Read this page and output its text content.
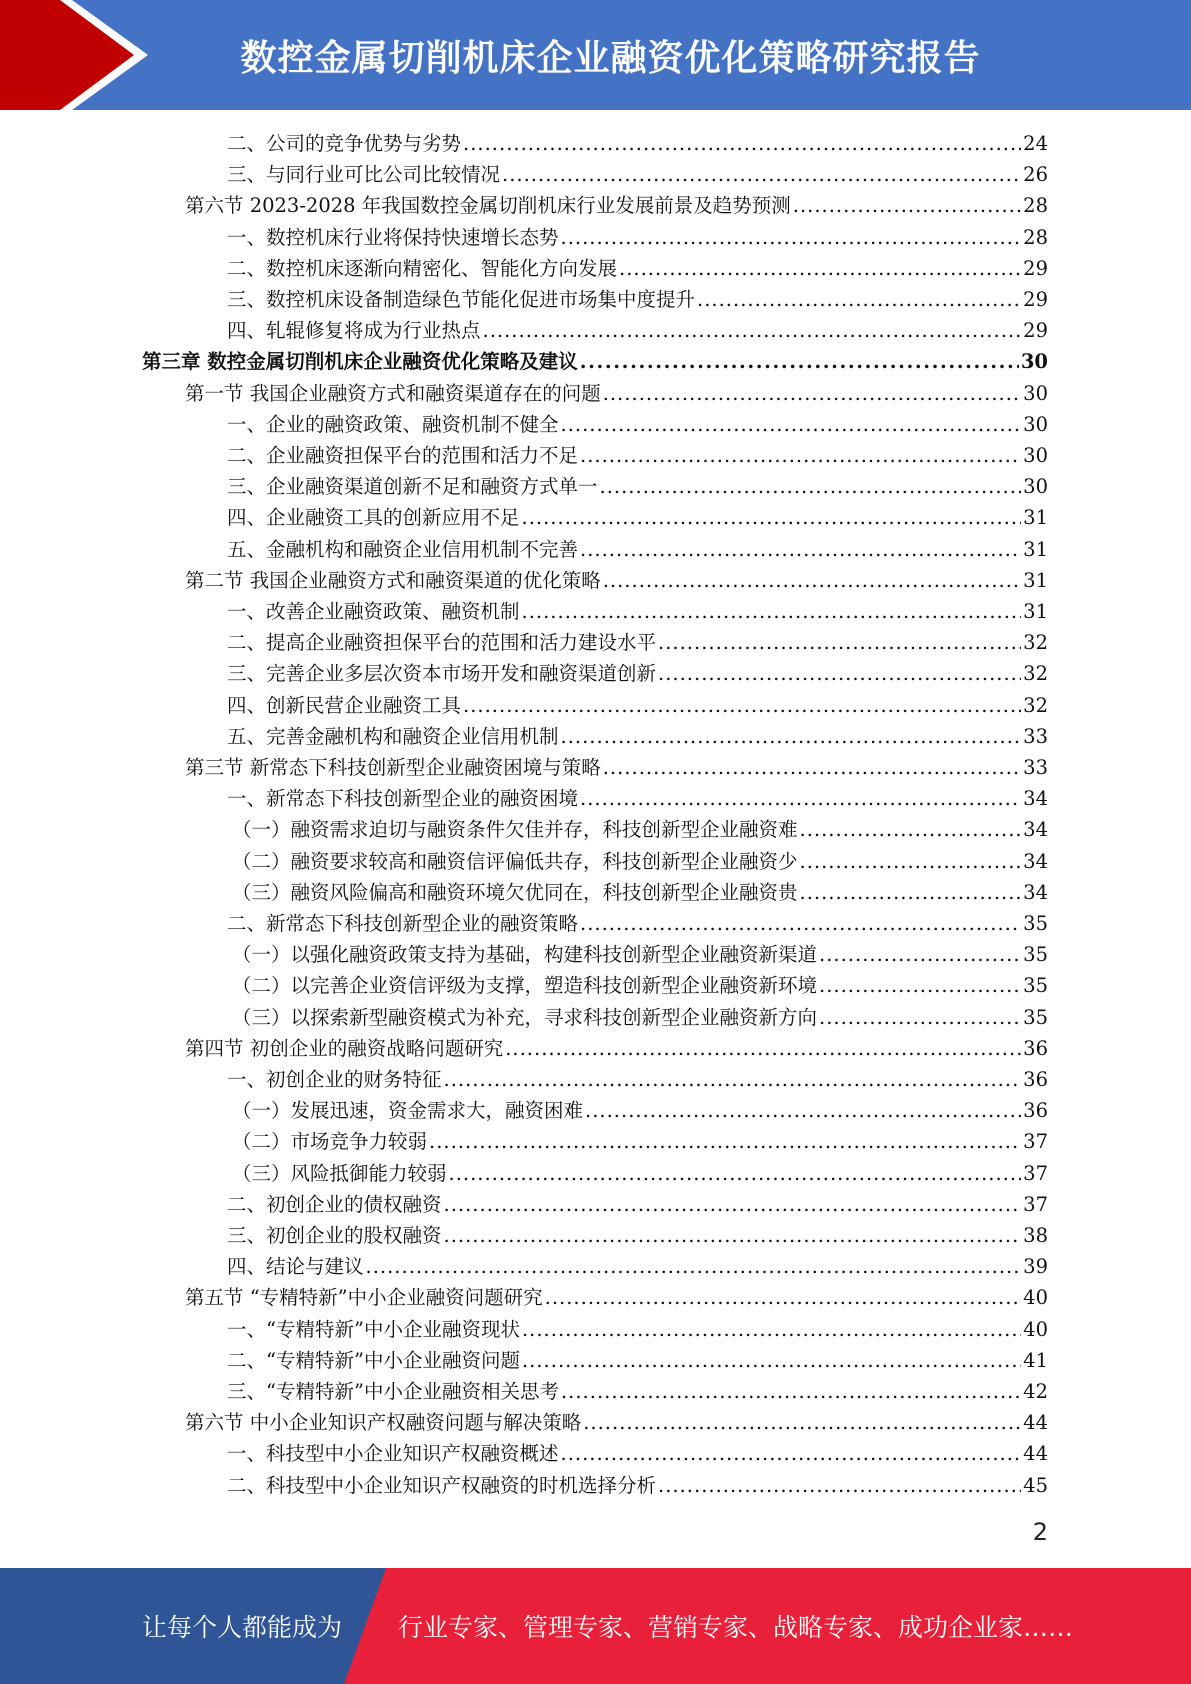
数控金属切削机床企业融资优化策略研究报告
二、公司的竞争优势与劣势 . . .	24
三、与同行业可比公司比较情况 . . .	26
第六节 2023-2028 年我国数控金属切削机床行业发展前景及趋势预测 . . .	28
一、数控机床行业将保持快速增长态势 . . .	28
二、数控机床逐渐向精密化、智能化方向发展 . . .	29
三、数控机床设备制造绿色节能化促进市场集中度提升 . . .	29
四、轧辊修复将成为行业热点 . . .	29
第三章 数控金属切削机床企业融资优化策略及建议 . . .	30
第一节 我国企业融资方式和融资渠道存在的问题 . . .	30
一、企业的融资政策、融资机制不健全 . . .	30
二、企业融资担保平台的范围和活力不足 . . .	30
三、企业融资渠道创新不足和融资方式单一 . . .	30
四、企业融资工具的创新应用不足 . . .	31
五、金融机构和融资企业信用机制不完善 . . .	31
第二节 我国企业融资方式和融资渠道的优化策略 . . .	31
一、改善企业融资政策、融资机制 . . .	31
二、提高企业融资担保平台的范围和活力建设水平 . . .	32
三、完善企业多层次资本市场开发和融资渠道创新 . . .	32
四、创新民营企业融资工具 . . .	32
五、完善金融机构和融资企业信用机制 . . .	33
第三节 新常态下科技创新型企业融资困境与策略 . . .	33
一、新常态下科技创新型企业的融资困境 . . .	34
（一）融资需求迫切与融资条件欠佳并存，科技创新型企业融资难 . . .	34
（二）融资要求较高和融资信评偏低共存，科技创新型企业融资少 . . .	34
（三）融资风险偏高和融资环境欠优同在，科技创新型企业融资贵 . . .	34
二、新常态下科技创新型企业的融资策略 . . .	35
（一）以强化融资政策支持为基础，构建科技创新型企业融资新渠道 . . .	35
（二）以完善企业资信评级为支撑，塑造科技创新型企业融资新环境 . . .	35
（三）以探索新型融资模式为补充，寻求科技创新型企业融资新方向 . . .	35
第四节 初创企业的融资战略问题研究 . . .	36
一、初创企业的财务特征 . . .	36
（一）发展迅速，资金需求大，融资困难 . . .	36
（二）市场竞争力较弱 . . .	37
（三）风险抵御能力较弱 . . .	37
二、初创企业的债权融资 . . .	37
三、初创企业的股权融资 . . .	38
四、结论与建议 . . .	39
第五节 “专精特新”中小企业融资问题研究 . . .	40
一、“专精特新”中小企业融资现状 . . .	40
二、“专精特新”中小企业融资问题 . . .	41
三、“专精特新”中小企业融资相关思考 . . .	42
第六节 中小企业知识产权融资问题与解决策略 . . .	44
一、科技型中小企业知识产权融资概述 . . .	44
二、科技型中小企业知识产权融资的时机选择分析 . . .	45
2
让每个人都能成为 行业专家、管理专家、营销专家、战略专家、成功企业家……
